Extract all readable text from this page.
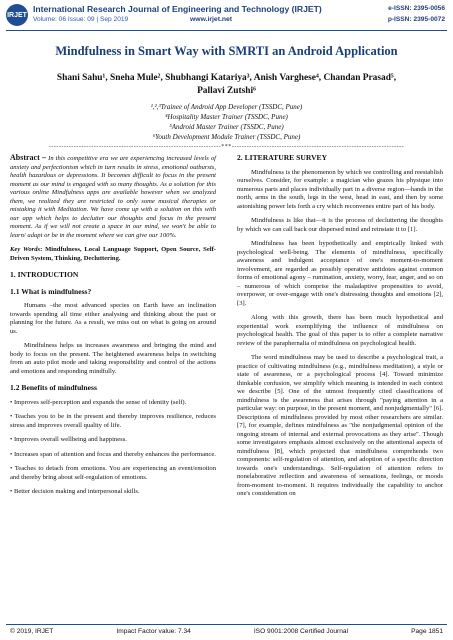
IRJET
International Research Journal of Engineering and Technology (IRJET)
Volume: 06 Issue: 09 | Sep 2019	www.irjet.net
e-ISSN: 2395-0056
p-ISSN: 2395-0072
Mindfulness in Smart Way with SMRTI an Android Application
Shani Sahu¹, Sneha Mule², Shubhangi Katariya³, Anish Varghese⁴, Chandan Prasad⁵,
Pallavi Zutshi⁶
¹,²,³Trainee of Android App Developer (TSSDC, Pune)
⁴Hospitality Master Trainer (TSSDC, Pune)
⁵Android Master Trainer (TSSDC, Pune)
⁶Youth Development Module Trainer (TSSDC, Pune)
---------------------------------------------------------------------***---------------------------------------------------------------------

Abstract – In this competitive era we are experiencing increased levels of anxiety and perfectionism which in turn results in stress, emotional outbursts, health hazardous or depressions. It becomes difficult to focus in the present moment as our mind is engaged with so many thoughts. As a solution for this various online Mindfulness apps are available however when we analyzed them, we realized they are restricted to only some musical therapies or mistaking it with Meditation. We have come up with a solution on this with our app which helps to declutter our thoughts and focus in the present moment. As if we will not create a space in our mind, we won't be able to learn/ adapt or be in the moment where we can give our 100%.

Key Words: Mindfulness, Local Language Support, Open Source, Self-Driven System, Thinking, Decluttering.

1. INTRODUCTION
1.1 What is mindfulness?

Humans –the most advanced species on Earth have an inclination towards spending all time either analysing and thinking about the past or planning for the future. As a result, we miss out on what is going on around us.

Mindfulness helps us increases awareness and bringing the mind and body to focus on the present. The heightened awareness helps in switching from an auto pilot mode and taking responsibility and control of the actions and emotions and responding mindfully.

1.2 Benefits of mindfulness

• Improves self-perception and expands the sense of identity (self).

• Teaches you to be in the present and thereby improves resilience, reduces stress and improves overall quality of life.

• Improves overall wellbeing and happiness.

• Increases span of attention and focus and thereby enhances the performance.

• Teaches to detach from emotions. You are experiencing an event/emotion and thereby bring about self-regulation of emotions.

• Better decision making and interpersonal skills.

2. LITERATURE SURVEY

Mindfulness is the phenomenon by which we controlling and reestablish ourselves. Consider, for example: a magician who grazes his physique into numerous parts and places individually part in a diverse region—hands in the north, arms in the south, legs in the west, head in east, and then by some astonishing power lets forth a cry which reconvenes entire part of his body.

Mindfulness is like that—it is the process of decluttering the thoughts by which we can call back our dispersed mind and reinstate it to [1].

Mindfulness has been hypothetically and empirically linked with psychological well-being. The elements of mindfulness, specifically awareness and indulgent acceptance of one's moment-to-moment involvement, are regarded as possibly operative antidotes against common forms of emotional agony – rumination, anxiety, worry, fear, anger, and so on – numerous of which comprise the maladaptive propensities to avoid, overpower, or over-engage with one's distressing thoughts and emotions [2],[3].

Along with this growth, there has been much hypothetical and experiential work exemplifying the influence of mindfulness on psychological health. The goal of this paper is to offer a complete narrative review of the paraphernalia of mindfulness on psychological health.

The word mindfulness may be used to describe a psychological trait, a practice of cultivating mindfulness (e.g., mindfulness meditation), a style or state of awareness, or a psychological process [4]. Toward minimize thinkable confusion, we simplify which meaning is intended in each context we describe [5]. One of the utmost frequently cited classifications of mindfulness is the awareness that arises through "paying attention in a particular way: on purpose, in the present moment, and nonjudgmentally" [6]. Descriptions of mindfulness provided by most other researchers are similar.[7], for example, defines mindfulness as "the nonjudgmental opinion of the ongoing stream of internal and external provocations as they arise". Though some investigators emphasis almost exclusively on the attentional aspects of mindfulness [8], which projected that mindfulness comprehends two components: self-regulation of attention, and adoption of a specific direction towards one's understandings. Self-regulation of attention refers to nonelaborative reflection and awareness of sensations, feelings, or moods from-moment to-moment. It requires individually the capability to anchor one's consideration on

© 2019, IRJET	Impact Factor value: 7.34	ISO 9001:2008 Certified Journal	Page 1851
